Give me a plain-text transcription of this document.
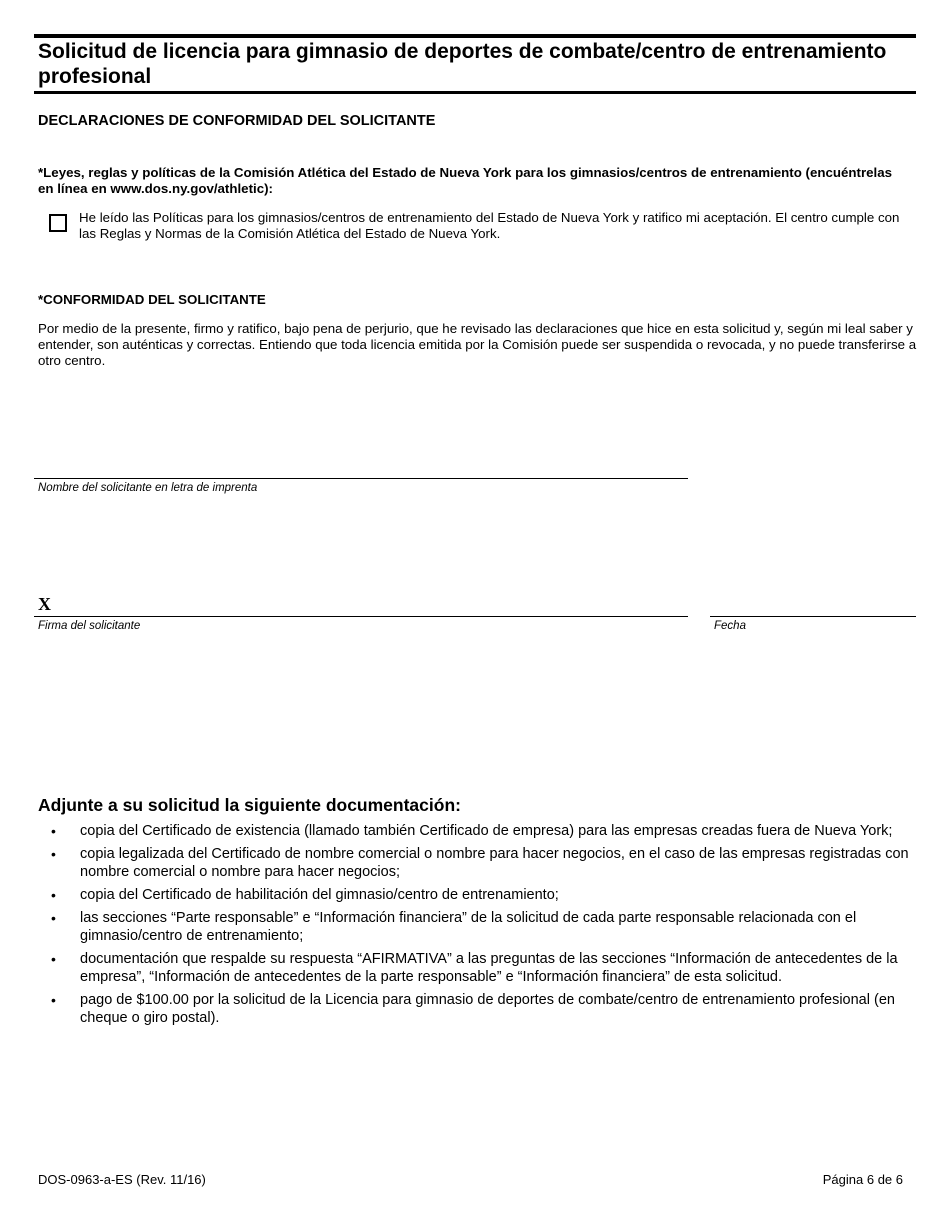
Solicitud de licencia para gimnasio de deportes de combate/centro de entrenamiento profesional
DECLARACIONES DE CONFORMIDAD DEL SOLICITANTE
*Leyes, reglas y políticas de la Comisión Atlética del Estado de Nueva York para los gimnasios/centros de entrenamiento (encuéntrelas en línea en www.dos.ny.gov/athletic):
He leído las Políticas para los gimnasios/centros de entrenamiento del Estado de Nueva York y ratifico mi aceptación. El centro cumple con las Reglas y Normas de la Comisión Atlética del Estado de Nueva York.
*CONFORMIDAD DEL SOLICITANTE
Por medio de la presente, firmo y ratifico, bajo pena de perjurio, que he revisado las declaraciones que hice en esta solicitud y, según mi leal saber y entender, son auténticas y correctas. Entiendo que toda licencia emitida por la Comisión puede ser suspendida o revocada, y no puede transferirse a otro centro.
Nombre del solicitante en letra de imprenta
X
Firma del solicitante	Fecha
Adjunte a su solicitud la siguiente documentación:
• copia del Certificado de existencia (llamado también Certificado de empresa) para las empresas creadas fuera de Nueva York;
• copia legalizada del Certificado de nombre comercial o nombre para hacer negocios, en el caso de las empresas registradas con nombre comercial o nombre para hacer negocios;
• copia del Certificado de habilitación del gimnasio/centro de entrenamiento;
• las secciones “Parte responsable” e “Información financiera” de la solicitud de cada parte responsable relacionada con el gimnasio/centro de entrenamiento;
• documentación que respalde su respuesta “AFIRMATIVA” a las preguntas de las secciones “Información de antecedentes de la empresa”, “Información de antecedentes de la parte responsable” e “Información financiera” de esta solicitud.
• pago de $100.00 por la solicitud de la Licencia para gimnasio de deportes de combate/centro de entrenamiento profesional (en cheque o giro postal).
DOS-0963-a-ES (Rev. 11/16)	Página 6 de 6
